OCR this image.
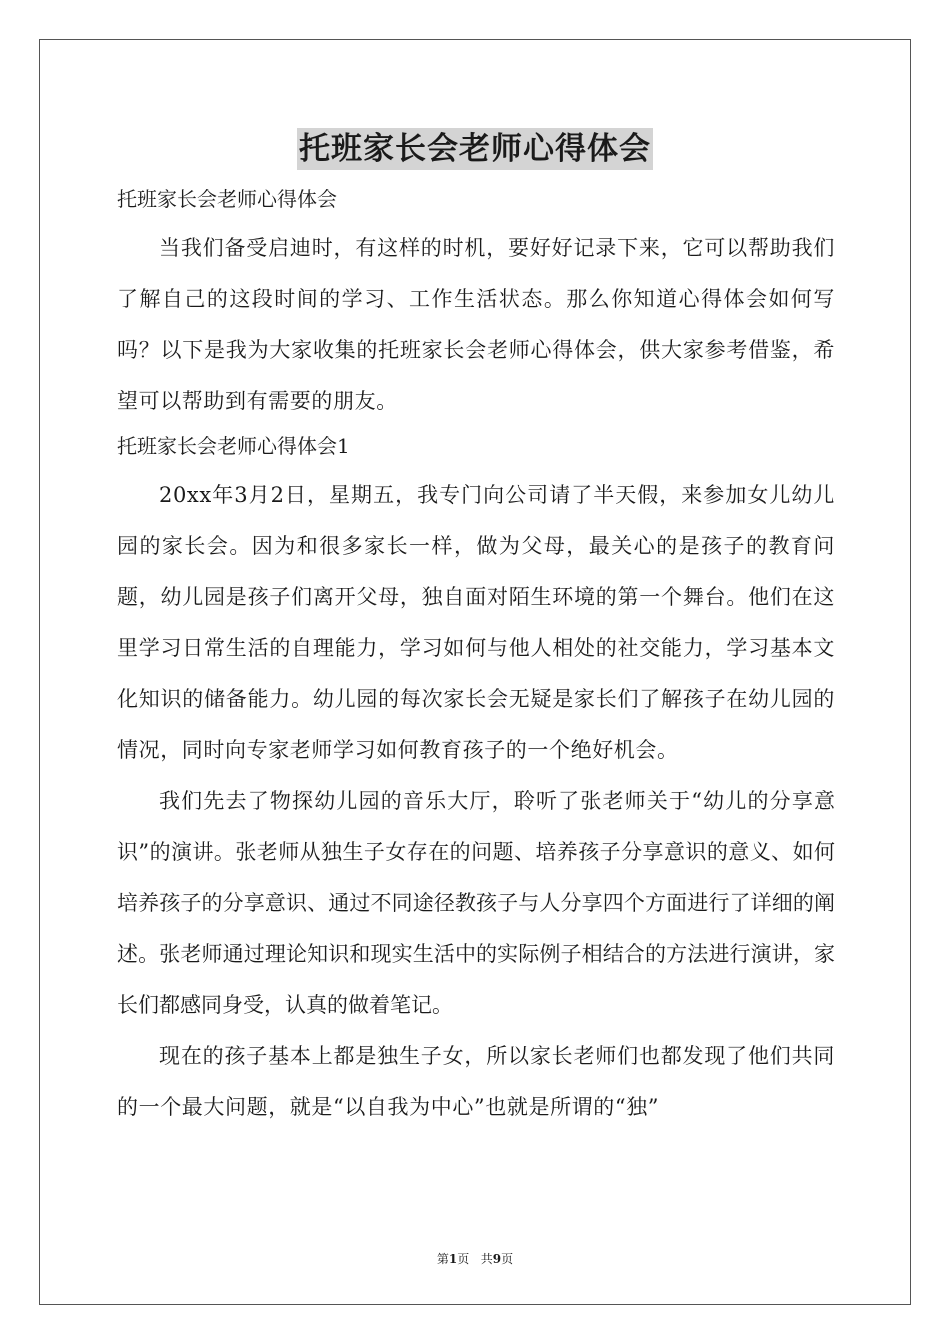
托班家长会老师心得体会
托班家长会老师心得体会

当我们备受启迪时，有这样的时机，要好好记录下来，它可以帮助我们了解自己的这段时间的学习、工作生活状态。那么你知道心得体会如何写吗？以下是我为大家收集的托班家长会老师心得体会，供大家参考借鉴，希望可以帮助到有需要的朋友。

托班家长会老师心得体会1

20xx年3月2日，星期五，我专门向公司请了半天假，来参加女儿幼儿园的家长会。因为和很多家长一样，做为父母，最关心的是孩子的教育问题，幼儿园是孩子们离开父母，独自面对陌生环境的第一个舞台。他们在这里学习日常生活的自理能力，学习如何与他人相处的社交能力，学习基本文化知识的储备能力。幼儿园的每次家长会无疑是家长们了解孩子在幼儿园的情况，同时向专家老师学习如何教育孩子的一个绝好机会。

我们先去了物探幼儿园的音乐大厅，聆听了张老师关于“幼儿的分享意识”的演讲。张老师从独生子女存在的问题、培养孩子分享意识的意义、如何培养孩子的分享意识、通过不同途径教孩子与人分享四个方面进行了详细的阐述。张老师通过理论知识和现实生活中的实际例子相结合的方法进行演讲，家长们都感同身受，认真的做着笔记。

现在的孩子基本上都是独生子女，所以家长老师们也都发现了他们共同的一个最大问题，就是“以自我为中心”也就是所谓的“独”

第1页 共9页
